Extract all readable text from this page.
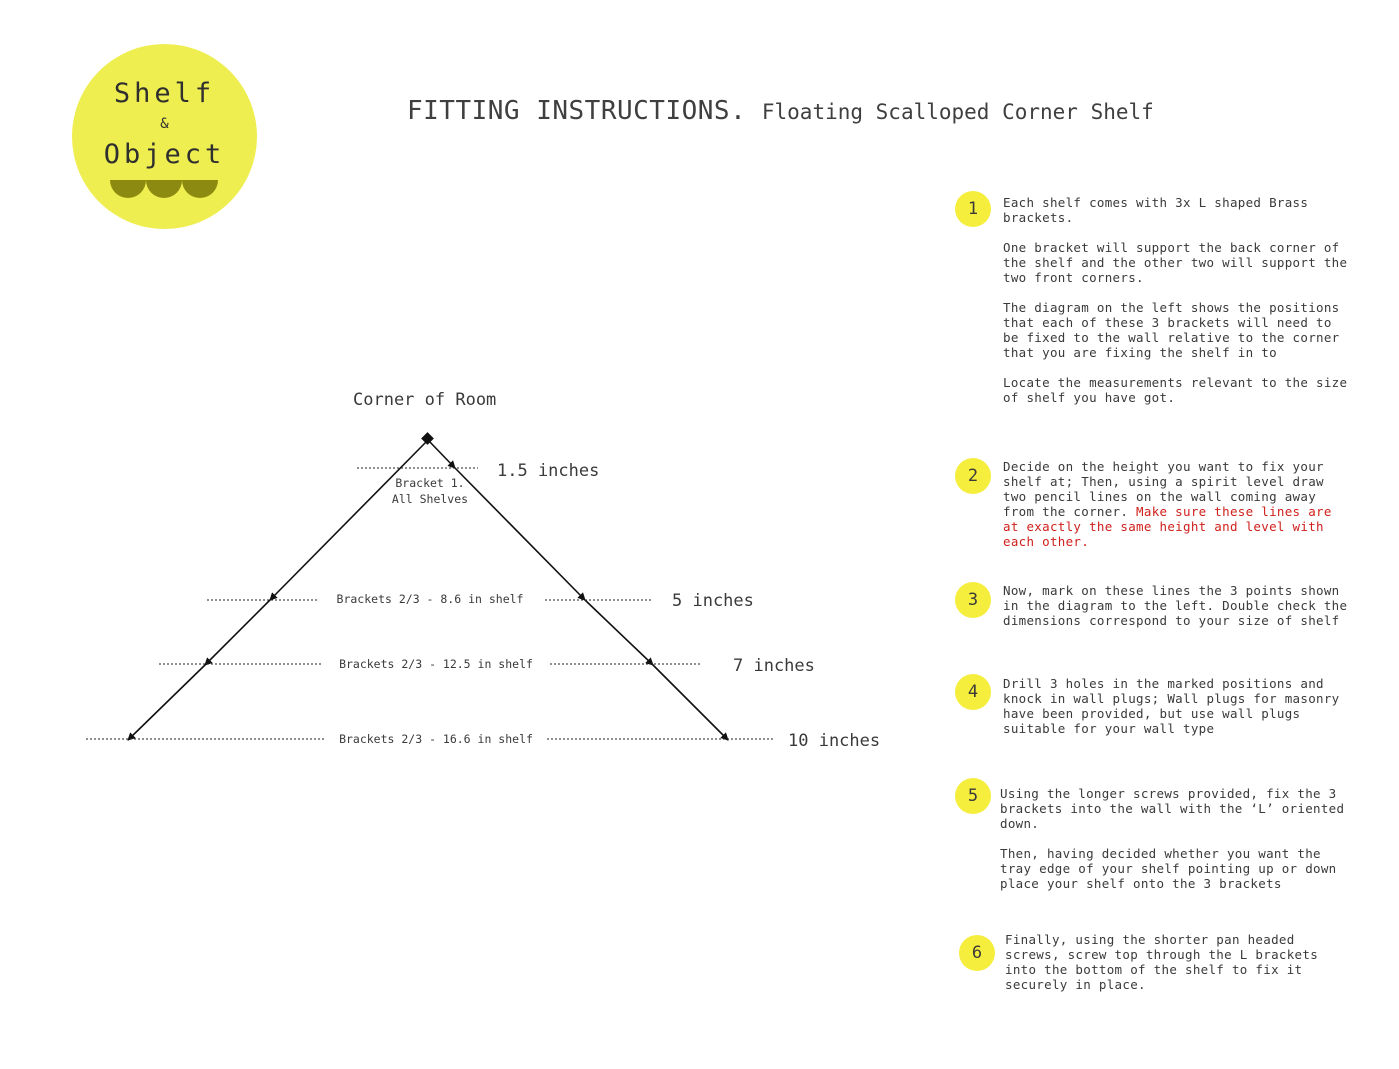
Shelf
&
Object
FITTING INSTRUCTIONS. Floating Scalloped Corner Shelf
Corner of Room
Bracket 1.
All Shelves
1.5 inches
5 inches
7 inches
10 inches
Brackets 2/3 - 8.6 in shelf
Brackets 2/3 - 12.5 in shelf
Brackets 2/3 - 16.6 in shelf
1	Each shelf comes with 3x L shaped Brass brackets.

One bracket will support the back corner of the shelf and the other two will support the two front corners.

The diagram on the left shows the positions that each of these 3 brackets will need to be fixed to the wall relative to the corner that you are fixing the shelf in to

Locate the measurements relevant to the size of shelf you have got.

2	Decide on the height you want to fix your shelf at; Then, using a spirit level draw two pencil lines on the wall coming away from the corner. Make sure these lines are at exactly the same height and level with each other.

3	Now, mark on these lines the 3 points shown in the diagram to the left. Double check the dimensions correspond to your size of shelf

4	Drill 3 holes in the marked positions and knock in wall plugs; Wall plugs for masonry have been provided, but use wall plugs suitable for your wall type

5	Using the longer screws provided, fix the 3 brackets into the wall with the ‘L’ oriented down.

Then, having decided whether you want the tray edge of your shelf pointing up or down place your shelf onto the 3 brackets

6

Finally, using the shorter pan headed screws, screw top through the L brackets into the bottom of the shelf to fix it securely in place.
